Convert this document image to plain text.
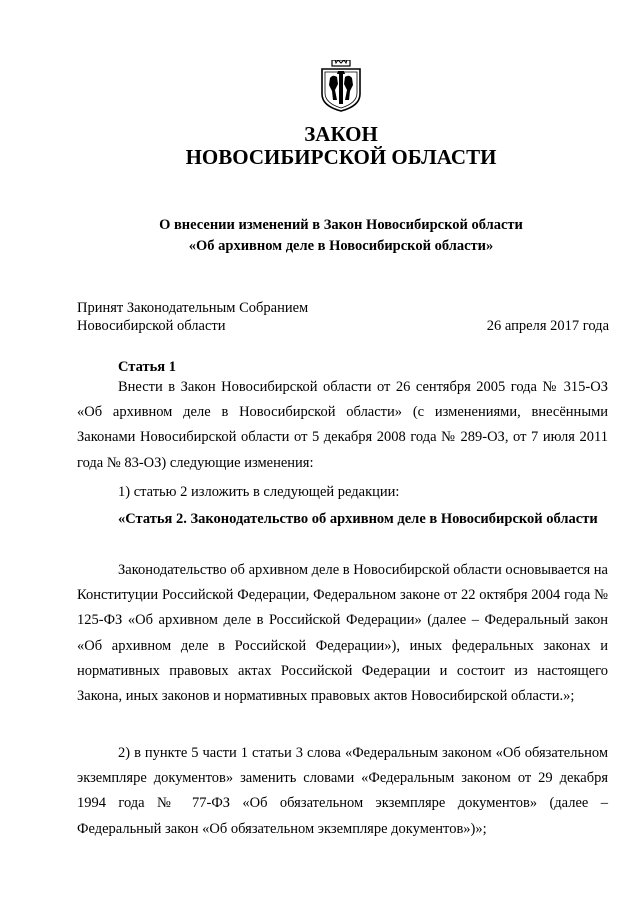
ЗАКОН
НОВОСИБИРСКОЙ ОБЛАСТИ
О внесении изменений в Закон Новосибирской области
«Об архивном деле в Новосибирской области»
Принят Законодательным Собранием
Новосибирской области	26 апреля 2017 года
Статья 1

Внести в Закон Новосибирской области от 26 сентября 2005 года № 315-ОЗ «Об архивном деле в Новосибирской области» (с изменениями, внесёнными Законами Новосибирской области от 5 декабря 2008 года № 289-ОЗ, от 7 июля 2011 года № 83-ОЗ) следующие изменения:

1) статью 2 изложить в следующей редакции:

«Статья 2. Законодательство об архивном деле в Новосибирской области

Законодательство об архивном деле в Новосибирской области основывается на Конституции Российской Федерации, Федеральном законе от 22 октября 2004 года № 125-ФЗ «Об архивном деле в Российской Федерации» (далее – Федеральный закон «Об архивном деле в Российской Федерации»), иных федеральных законах и нормативных правовых актах Российской Федерации и состоит из настоящего Закона, иных законов и нормативных правовых актов Новосибирской области.»;

2) в пункте 5 части 1 статьи 3 слова «Федеральным законом «Об обязательном экземпляре документов» заменить словами «Федеральным законом от 29 декабря 1994 года № 77-ФЗ «Об обязательном экземпляре документов» (далее – Федеральный закон «Об обязательном экземпляре документов»)»;
